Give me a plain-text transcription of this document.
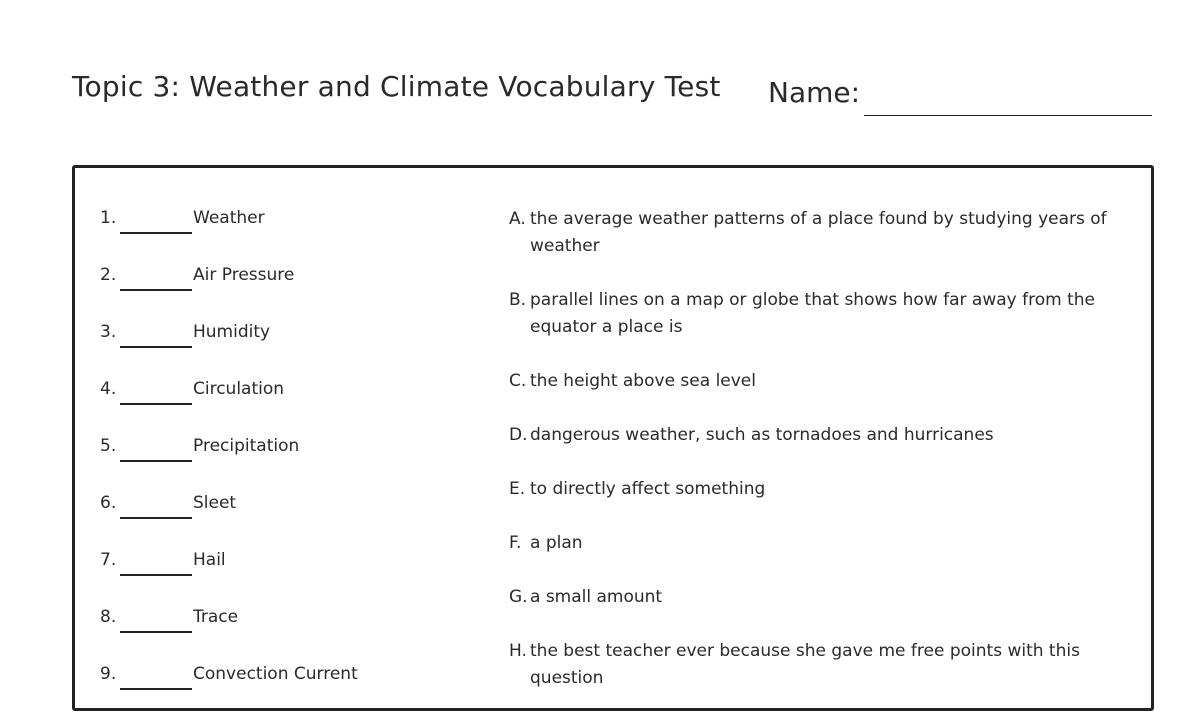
Topic 3: Weather and Climate Vocabulary Test Name:
1.	Weather
2.	Air Pressure
3.	Humidity
4.	Circulation
5.	Precipitation
6.	Sleet
7.	Hail
8.	Trace
9.	Convection Current
A. the average weather patterns of a place found by studying years of weather
B. parallel lines on a map or globe that shows how far away from the equator a place is
C. the height above sea level
D. dangerous weather, such as tornadoes and hurricanes
E. to directly affect something
F. a plan
G. a small amount
H. the best teacher ever because she gave me free points with this question
